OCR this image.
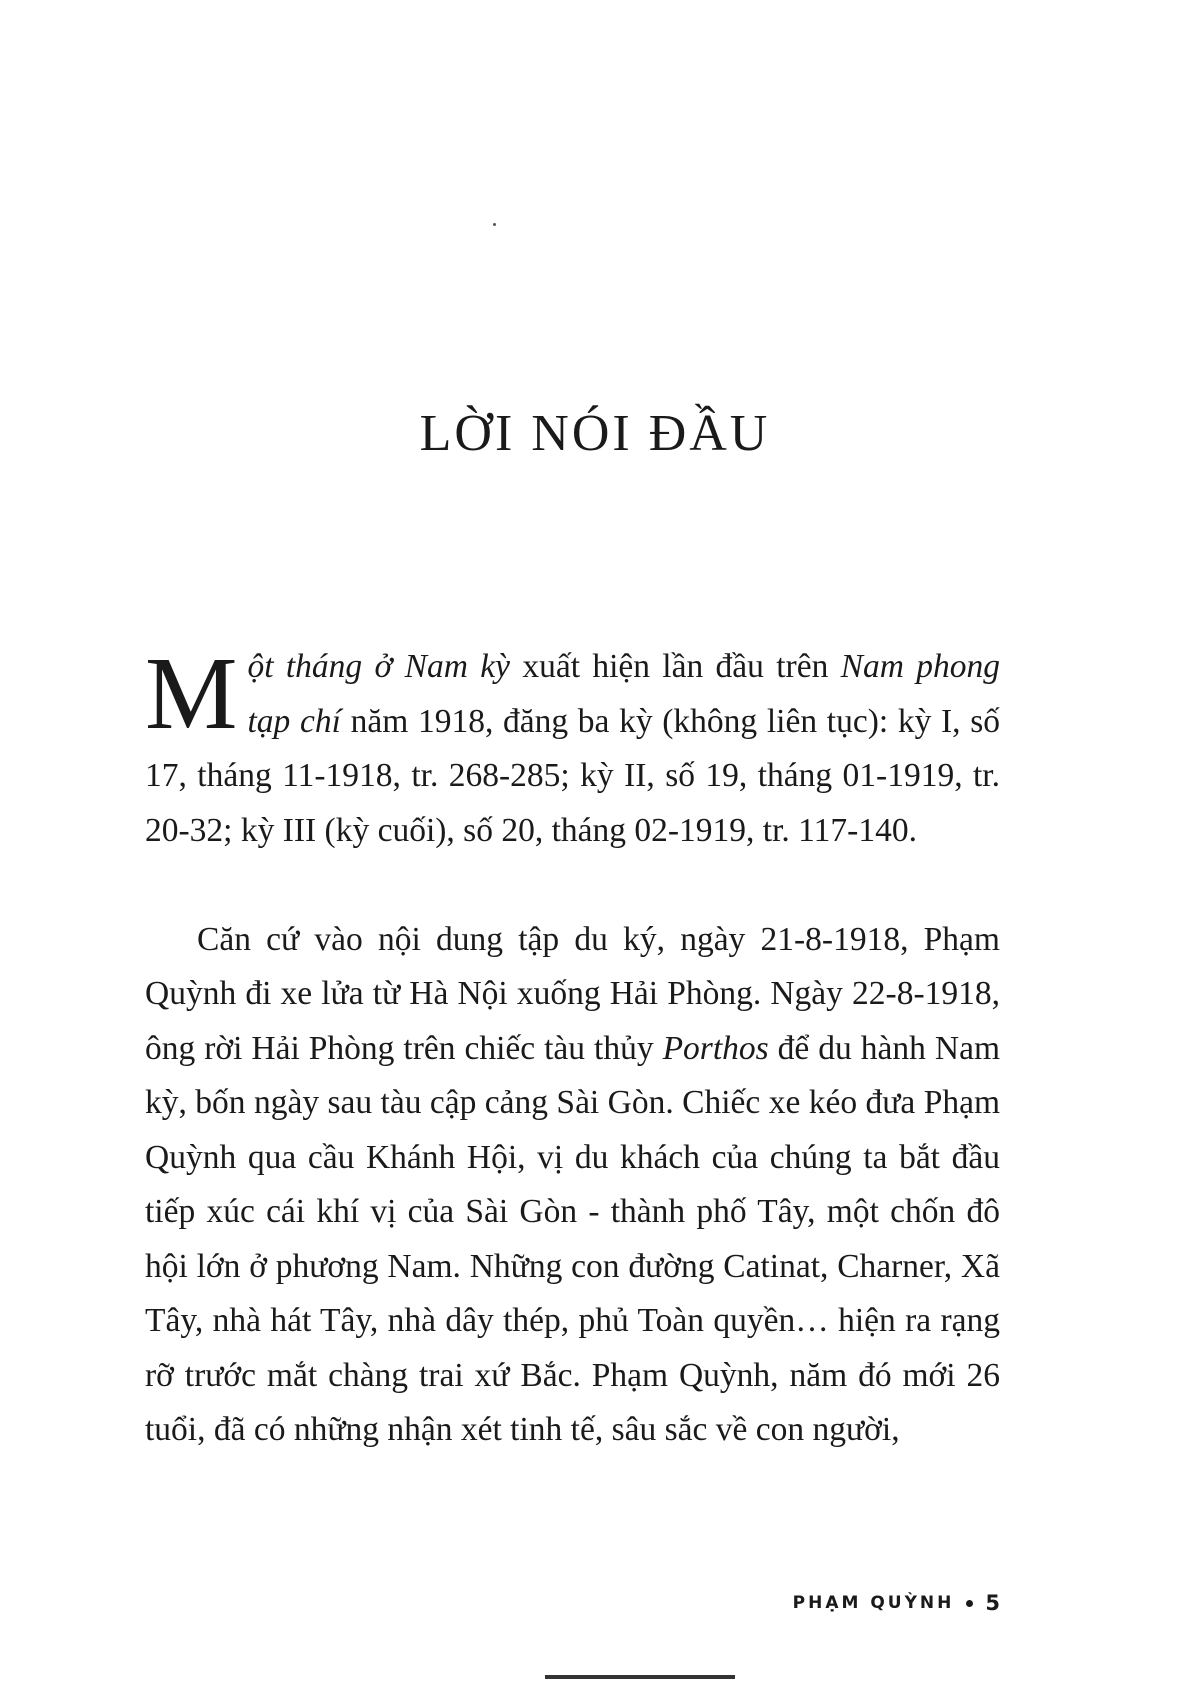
LỜI NÓI ĐẦU

Một tháng ở Nam kỳ xuất hiện lần đầu trên Nam phong tạp chí năm 1918, đăng ba kỳ (không liên tục): kỳ I, số 17, tháng 11-1918, tr. 268-285; kỳ II, số 19, tháng 01-1919, tr. 20-32; kỳ III (kỳ cuối), số 20, tháng 02-1919, tr. 117-140.

Căn cứ vào nội dung tập du ký, ngày 21-8-1918, Phạm Quỳnh đi xe lửa từ Hà Nội xuống Hải Phòng. Ngày 22-8-1918, ông rời Hải Phòng trên chiếc tàu thủy Porthos để du hành Nam kỳ, bốn ngày sau tàu cập cảng Sài Gòn. Chiếc xe kéo đưa Phạm Quỳnh qua cầu Khánh Hội, vị du khách của chúng ta bắt đầu tiếp xúc cái khí vị của Sài Gòn - thành phố Tây, một chốn đô hội lớn ở phương Nam. Những con đường Catinat, Charner, Xã Tây, nhà hát Tây, nhà dây thép, phủ Toàn quyền… hiện ra rạng rỡ trước mắt chàng trai xứ Bắc. Phạm Quỳnh, năm đó mới 26 tuổi, đã có những nhận xét tinh tế, sâu sắc về con người,

PHẠM QUỲNH 5
